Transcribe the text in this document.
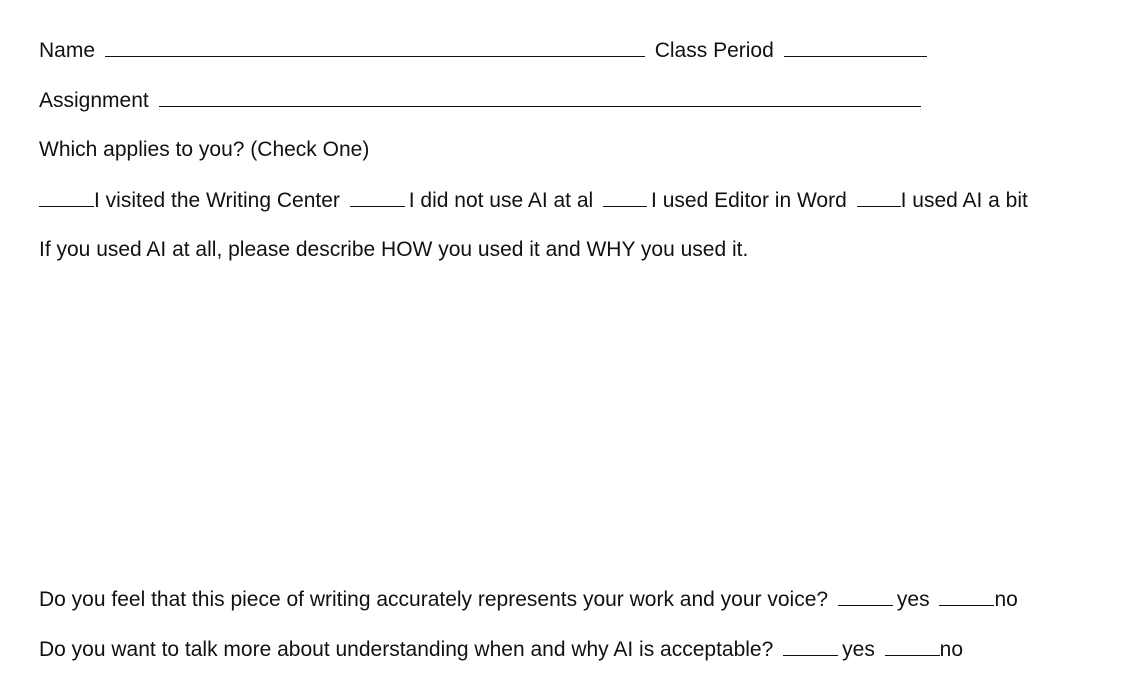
Name	Class Period
Assignment
Which applies to you? (Check One)
I visited the Writing Center	I did not use AI at al	I used Editor in Word	I used AI a bit
If you used AI at all, please describe HOW you used it and WHY you used it.
Do you feel that this piece of writing accurately represents your work and your voice?	yes	no
Do you want to talk more about understanding when and why AI is acceptable?	yes	no
